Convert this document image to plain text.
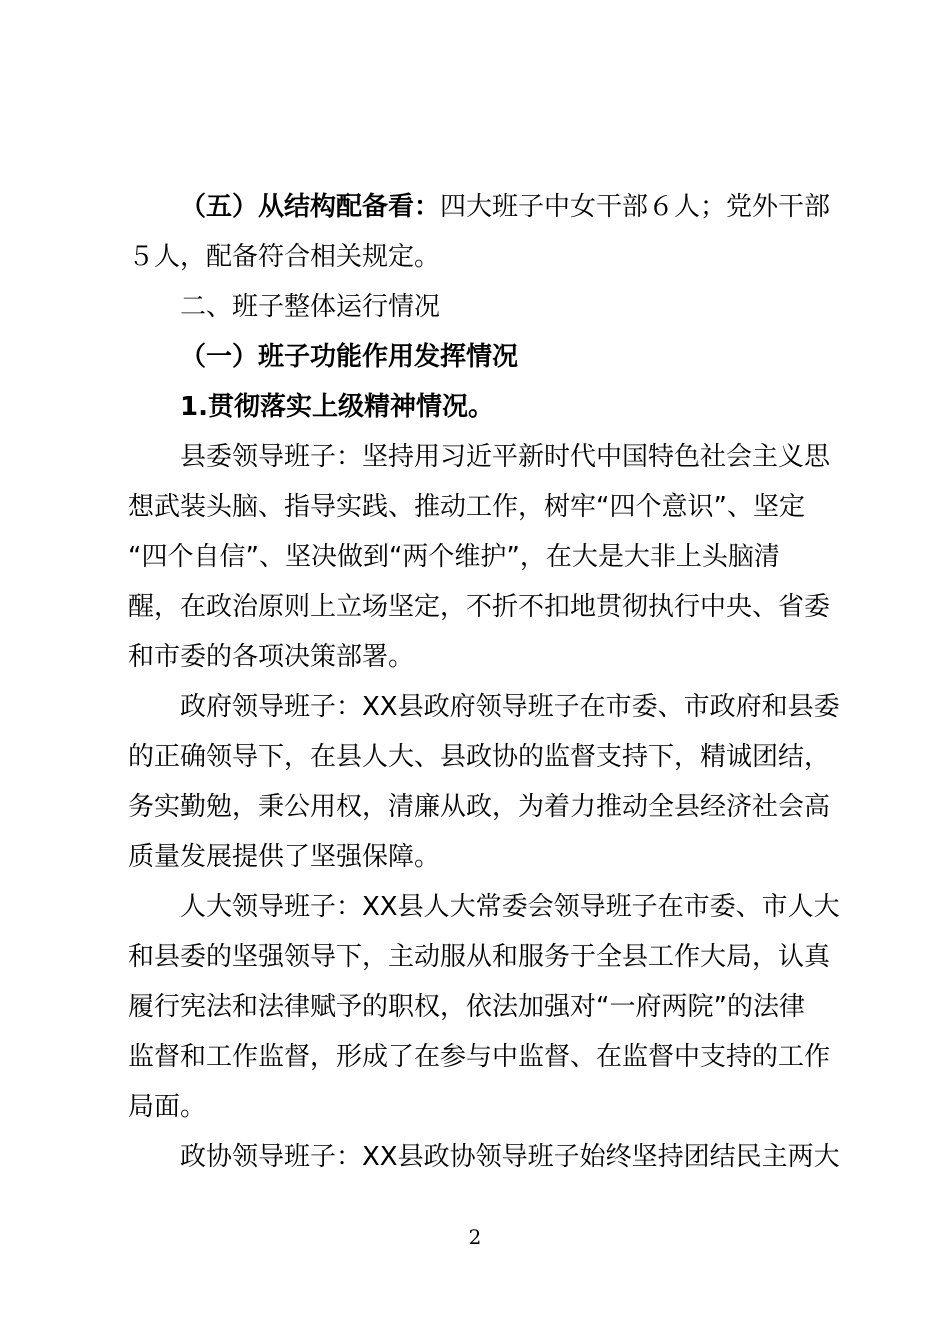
（五）从结构配备看：四大班子中女干部６人；党外干部
５人，配备符合相关规定。
二、班子整体运行情况
（一）班子功能作用发挥情况
1.贯彻落实上级精神情况。
县委领导班子：坚持用习近平新时代中国特色社会主义思
想武装头脑、指导实践、推动工作，树牢“四个意识”、坚定
“四个自信”、坚决做到“两个维护”，在大是大非上头脑清
醒，在政治原则上立场坚定，不折不扣地贯彻执行中央、省委
和市委的各项决策部署。
政府领导班子：XX县政府领导班子在市委、市政府和县委
的正确领导下，在县人大、县政协的监督支持下，精诚团结，
务实勤勉，秉公用权，清廉从政，为着力推动全县经济社会高
质量发展提供了坚强保障。
人大领导班子：XX县人大常委会领导班子在市委、市人大
和县委的坚强领导下，主动服从和服务于全县工作大局，认真
履行宪法和法律赋予的职权，依法加强对“一府两院”的法律
监督和工作监督，形成了在参与中监督、在监督中支持的工作
局面。
政协领导班子：XX县政协领导班子始终坚持团结民主两大
2
